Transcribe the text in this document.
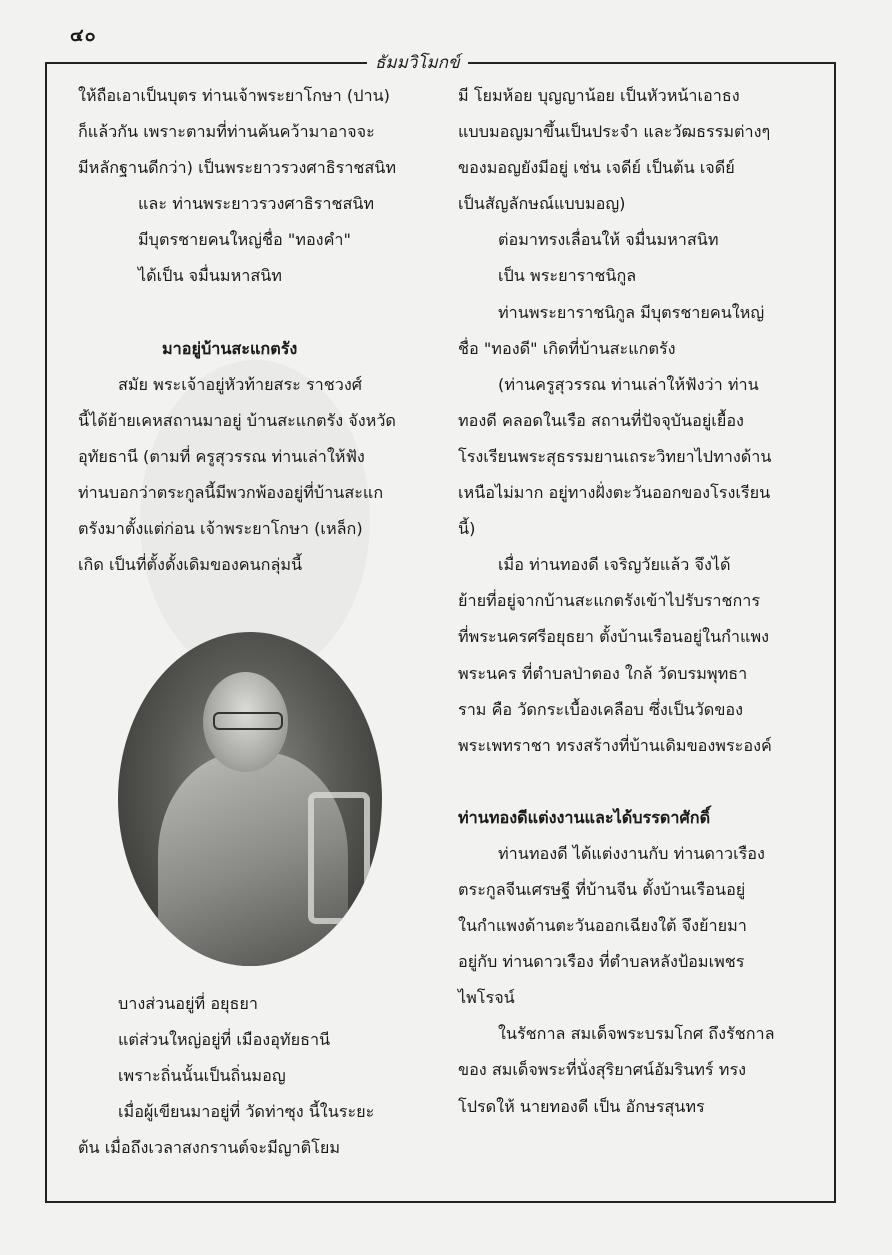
๔๐
ธัมมวิโมกข์

ให้ถือเอาเป็นบุตร ท่านเจ้าพระยาโกษา (ปาน)

ก็แล้วกัน เพราะตามที่ท่านค้นคว้ามาอาจจะ

มีหลักฐานดีกว่า) เป็นพระยาวรวงศาธิราชสนิท

และ ท่านพระยาวรวงศาธิราชสนิท

มีบุตรชายคนใหญ่ชื่อ "ทองคำ"

ได้เป็น จมื่นมหาสนิท

มาอยู่บ้านสะแกตรัง

สมัย พระเจ้าอยู่หัวท้ายสระ ราชวงศ์

นี้ได้ย้ายเคหสถานมาอยู่ บ้านสะแกตรัง จังหวัด

อุทัยธานี (ตามที่ ครูสุวรรณ ท่านเล่าให้ฟัง

ท่านบอกว่าตระกูลนี้มีพวกพ้องอยู่ที่บ้านสะแก

ตรังมาตั้งแต่ก่อน เจ้าพระยาโกษา (เหล็ก)

เกิด เป็นที่ตั้งดั้งเดิมของคนกลุ่มนี้

บางส่วนอยู่ที่ อยุธยา

แต่ส่วนใหญ่อยู่ที่ เมืองอุทัยธานี

เพราะถิ่นนั้นเป็นถิ่นมอญ

เมื่อผู้เขียนมาอยู่ที่ วัดท่าซุง นี้ในระยะ

ต้น เมื่อถึงเวลาสงกรานต์จะมีญาติโยม

มี โยมห้อย บุญญาน้อย เป็นหัวหน้าเอาธง

แบบมอญมาขึ้นเป็นประจำ และวัฒธรรมต่างๆ

ของมอญยังมีอยู่ เช่น เจดีย์ เป็นต้น เจดีย์

เป็นสัญลักษณ์แบบมอญ)

ต่อมาทรงเลื่อนให้ จมื่นมหาสนิท

เป็น พระยาราชนิกูล

ท่านพระยาราชนิกูล มีบุตรชายคนใหญ่

ชื่อ "ทองดี" เกิดที่บ้านสะแกตรัง

(ท่านครูสุวรรณ ท่านเล่าให้ฟังว่า ท่าน

ทองดี คลอดในเรือ สถานที่ปัจจุบันอยู่เยื้อง

โรงเรียนพระสุธรรมยานเถระวิทยาไปทางด้าน

เหนือไม่มาก อยู่ทางฝั่งตะวันออกของโรงเรียน

นี้)

เมื่อ ท่านทองดี เจริญวัยแล้ว จึงได้

ย้ายที่อยู่จากบ้านสะแกตรังเข้าไปรับราชการ

ที่พระนครศรีอยุธยา ตั้งบ้านเรือนอยู่ในกำแพง

พระนคร ที่ตำบลป่าตอง ใกล้ วัดบรมพุทธา

ราม คือ วัดกระเบื้องเคลือบ ซึ่งเป็นวัดของ

พระเพทราชา ทรงสร้างที่บ้านเดิมของพระองค์

ท่านทองดีแต่งงานและได้บรรดาศักดิ์

ท่านทองดี ได้แต่งงานกับ ท่านดาวเรือง

ตระกูลจีนเศรษฐี ที่บ้านจีน ตั้งบ้านเรือนอยู่

ในกำแพงด้านตะวันออกเฉียงใต้ จึงย้ายมา

อยู่กับ ท่านดาวเรือง ที่ตำบลหลังป้อมเพชร

ไพโรจน์

ในรัชกาล สมเด็จพระบรมโกศ ถึงรัชกาล

ของ สมเด็จพระที่นั่งสุริยาศน์อัมรินทร์ ทรง

โปรดให้ นายทองดี เป็น อักษรสุนทร
